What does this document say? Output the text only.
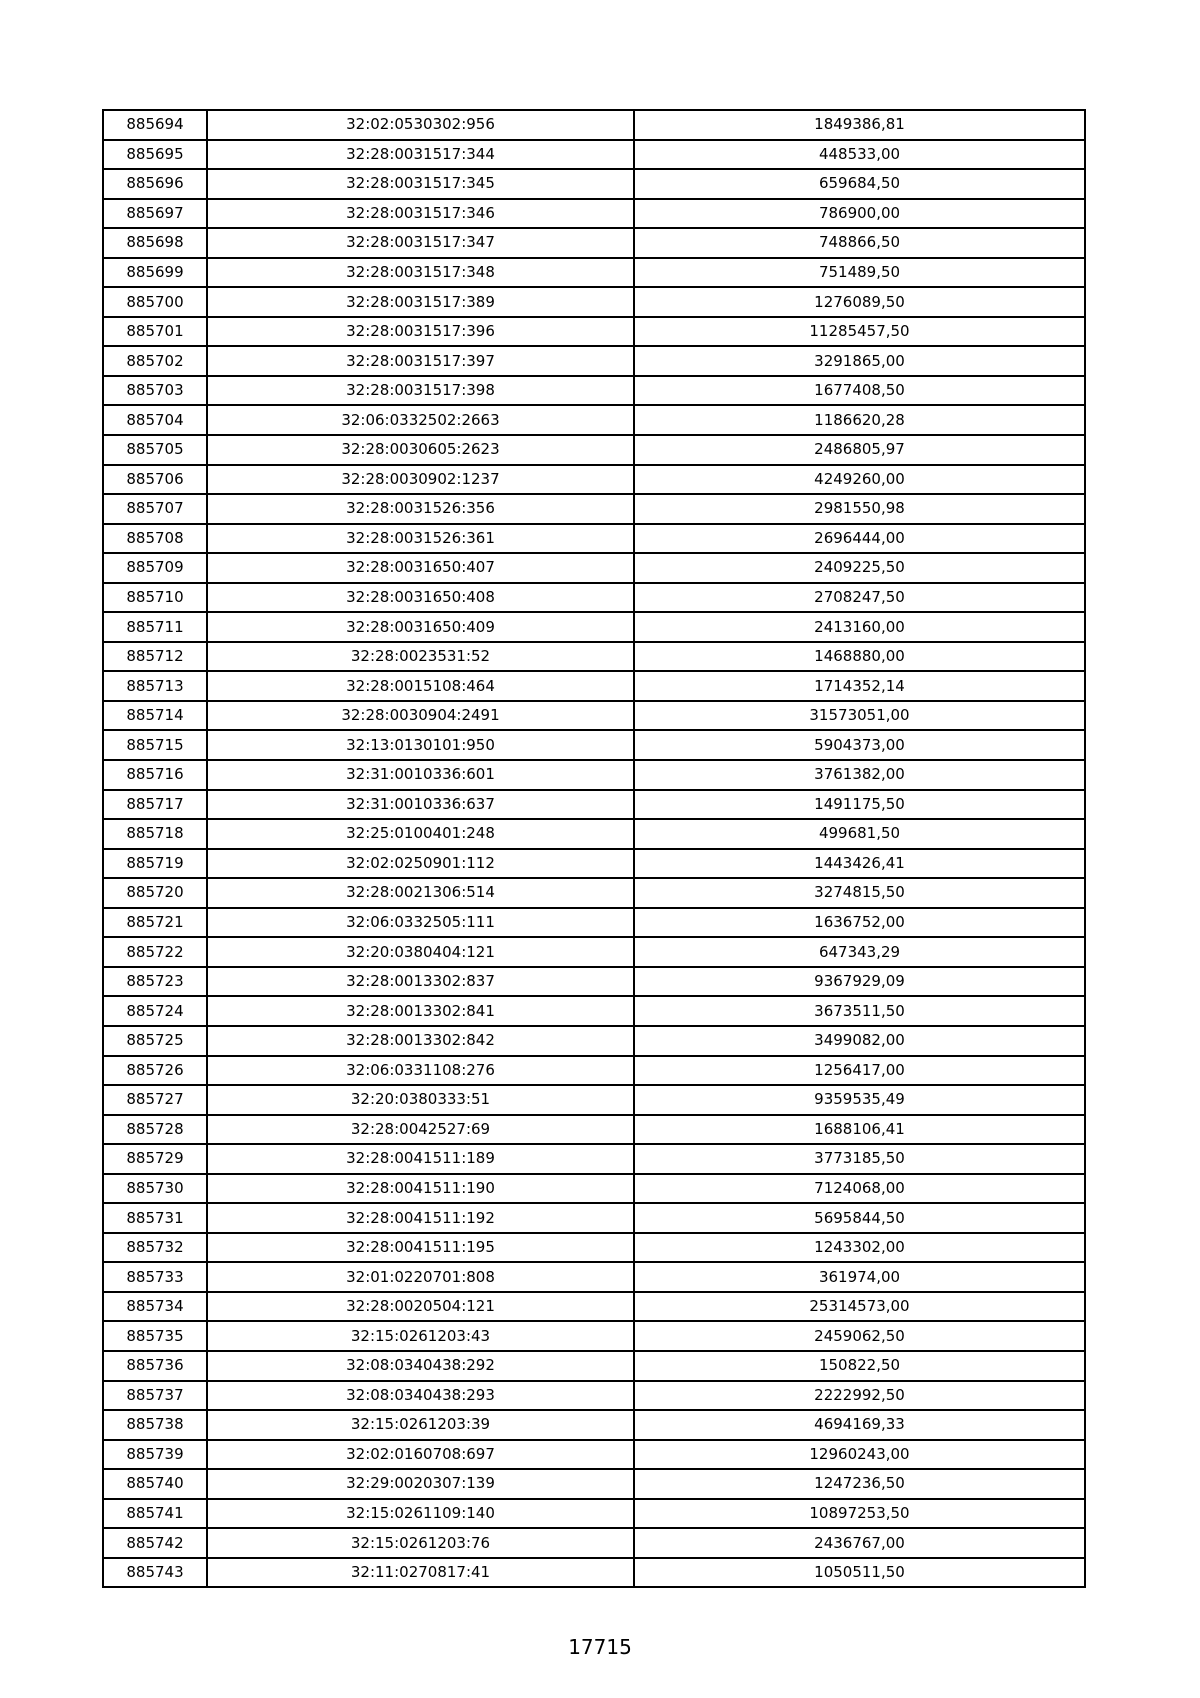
885694	32:02:0530302:956	1849386,81
885695	32:28:0031517:344	448533,00
885696	32:28:0031517:345	659684,50
885697	32:28:0031517:346	786900,00
885698	32:28:0031517:347	748866,50
885699	32:28:0031517:348	751489,50
885700	32:28:0031517:389	1276089,50
885701	32:28:0031517:396	11285457,50
885702	32:28:0031517:397	3291865,00
885703	32:28:0031517:398	1677408,50
885704	32:06:0332502:2663	1186620,28
885705	32:28:0030605:2623	2486805,97
885706	32:28:0030902:1237	4249260,00
885707	32:28:0031526:356	2981550,98
885708	32:28:0031526:361	2696444,00
885709	32:28:0031650:407	2409225,50
885710	32:28:0031650:408	2708247,50
885711	32:28:0031650:409	2413160,00
885712	32:28:0023531:52	1468880,00
885713	32:28:0015108:464	1714352,14
885714	32:28:0030904:2491	31573051,00
885715	32:13:0130101:950	5904373,00
885716	32:31:0010336:601	3761382,00
885717	32:31:0010336:637	1491175,50
885718	32:25:0100401:248	499681,50
885719	32:02:0250901:112	1443426,41
885720	32:28:0021306:514	3274815,50
885721	32:06:0332505:111	1636752,00
885722	32:20:0380404:121	647343,29
885723	32:28:0013302:837	9367929,09
885724	32:28:0013302:841	3673511,50
885725	32:28:0013302:842	3499082,00
885726	32:06:0331108:276	1256417,00
885727	32:20:0380333:51	9359535,49
885728	32:28:0042527:69	1688106,41
885729	32:28:0041511:189	3773185,50
885730	32:28:0041511:190	7124068,00
885731	32:28:0041511:192	5695844,50
885732	32:28:0041511:195	1243302,00
885733	32:01:0220701:808	361974,00
885734	32:28:0020504:121	25314573,00
885735	32:15:0261203:43	2459062,50
885736	32:08:0340438:292	150822,50
885737	32:08:0340438:293	2222992,50
885738	32:15:0261203:39	4694169,33
885739	32:02:0160708:697	12960243,00
885740	32:29:0020307:139	1247236,50
885741	32:15:0261109:140	10897253,50
885742	32:15:0261203:76	2436767,00
885743	32:11:0270817:41	1050511,50
17715
